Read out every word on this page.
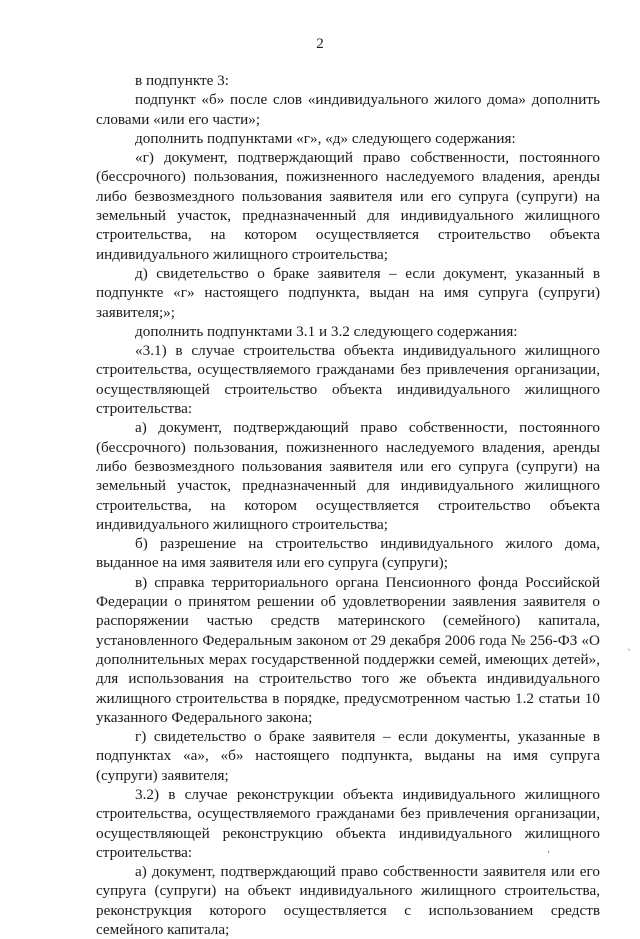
2

в подпункте 3:

подпункт «б» после слов «индивидуального жилого дома» дополнить словами «или его части»;

дополнить подпунктами «г», «д» следующего содержания:

«г) документ, подтверждающий право собственности, постоянного (бессрочного) пользования, пожизненного наследуемого владения, аренды либо безвозмездного пользования заявителя или его супруга (супруги) на земельный участок, предназначенный для индивидуального жилищного строительства, на котором осуществляется строительство объекта индивидуального жилищного строительства;

д) свидетельство о браке заявителя – если документ, указанный в подпункте «г» настоящего подпункта, выдан на имя супруга (супруги) заявителя;»;

дополнить подпунктами 3.1 и 3.2 следующего содержания:

«3.1) в случае строительства объекта индивидуального жилищного строительства, осуществляемого гражданами без привлечения организации, осуществляющей строительство объекта индивидуального жилищного строительства:

а) документ, подтверждающий право собственности, постоянного (бессрочного) пользования, пожизненного наследуемого владения, аренды либо безвозмездного пользования заявителя или его супруга (супруги) на земельный участок, предназначенный для индивидуального жилищного строительства, на котором осуществляется строительство объекта индивидуального жилищного строительства;

б) разрешение на строительство индивидуального жилого дома, выданное на имя заявителя или его супруга (супруги);

в) справка территориального органа Пенсионного фонда Российской Федерации о принятом решении об удовлетворении заявления заявителя о распоряжении частью средств материнского (семейного) капитала, установленного Федеральным законом от 29 декабря 2006 года № 256-ФЗ «О дополнительных мерах государственной поддержки семей, имеющих детей», для использования на строительство того же объекта индивидуального жилищного строительства в порядке, предусмотренном частью 1.2 статьи 10 указанного Федерального закона;

г) свидетельство о браке заявителя – если документы, указанные в подпунктах «а», «б» настоящего подпункта, выданы на имя супруга (супруги) заявителя;

3.2) в случае реконструкции объекта индивидуального жилищного строительства, осуществляемого гражданами без привлечения организации, осуществляющей реконструкцию объекта индивидуального жилищного строительства:

а) документ, подтверждающий право собственности заявителя или его супруга (супруги) на объект индивидуального жилищного строительства, реконструкция которого осуществляется с использованием средств семейного капитала;

ˎ
ʼ
